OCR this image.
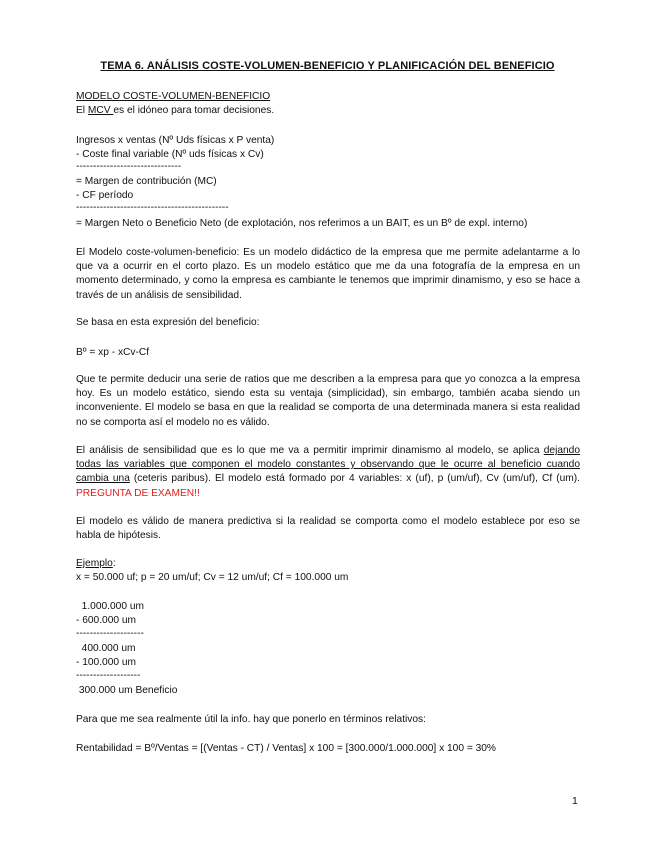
TEMA 6. ANÁLISIS COSTE-VOLUMEN-BENEFICIO Y PLANIFICACIÓN DEL BENEFICIO
MODELO COSTE-VOLUMEN-BENEFICIO
El MCV es el idóneo para tomar decisiones.
Ingresos x ventas (Nº Uds físicas x P venta)
- Coste final variable (Nº uds físicas x Cv)
-------------------------------
= Margen de contribución (MC)
- CF período
---------------------------------------------
= Margen Neto o Beneficio Neto (de explotación, nos referimos a un BAIT, es un Bº de expl. interno)
El Modelo coste-volumen-beneficio: Es un modelo didáctico de la empresa que me permite adelantarme a lo que va a ocurrir en el corto plazo. Es un modelo estático que me da una fotografía de la empresa en un momento determinado, y como la empresa es cambiante le tenemos que imprimir dinamismo, y eso se hace a través de un análisis de sensibilidad.
Se basa en esta expresión del beneficio:
Bº = xp - xCv-Cf
Que te permite deducir una serie de ratios que me describen a la empresa para que yo conozca a la empresa hoy. Es un modelo estático, siendo esta su ventaja (simplicidad), sin embargo, también acaba siendo un inconveniente. El modelo se basa en que la realidad se comporta de una determinada manera si esta realidad no se comporta así el modelo no es válido.
El análisis de sensibilidad que es lo que me va a permitir imprimir dinamismo al modelo, se aplica dejando todas las variables que componen el modelo constantes y observando que le ocurre al beneficio cuando cambia una (ceteris paribus). El modelo está formado por 4 variables: x (uf), p (um/uf), Cv (um/uf), Cf (um). PREGUNTA DE EXAMEN!!
El modelo es válido de manera predictiva si la realidad se comporta como el modelo establece por eso se habla de hipótesis.
Ejemplo:
x = 50.000 uf; p = 20 um/uf; Cv = 12 um/uf; Cf = 100.000 um
1.000.000 um
- 600.000 um
--------------------
400.000 um
- 100.000 um
-------------------
300.000 um Beneficio
Para que me sea realmente útil la info. hay que ponerlo en términos relativos:
Rentabilidad = Bº/Ventas = [(Ventas - CT) / Ventas] x 100 = [300.000/1.000.000] x 100 = 30%
1
